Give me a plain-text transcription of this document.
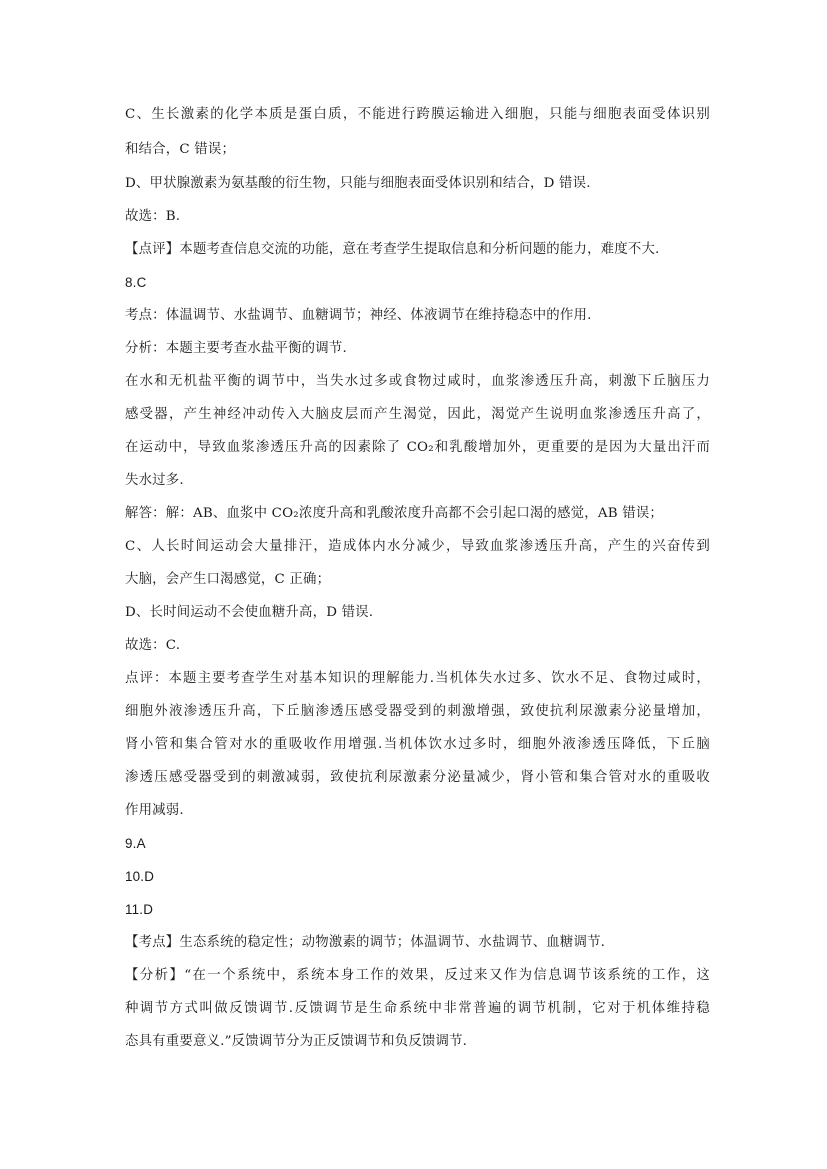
C、生长激素的化学本质是蛋白质，不能进行跨膜运输进入细胞，只能与细胞表面受体识别
和结合，C 错误；
D、甲状腺激素为氨基酸的衍生物，只能与细胞表面受体识别和结合，D 错误.
故选：B.
【点评】本题考查信息交流的功能，意在考查学生提取信息和分析问题的能力，难度不大.
8.C
考点：体温调节、水盐调节、血糖调节；神经、体液调节在维持稳态中的作用.
分析：本题主要考查水盐平衡的调节.
在水和无机盐平衡的调节中，当失水过多或食物过咸时，血浆渗透压升高，刺激下丘脑压力
感受器，产生神经冲动传入大脑皮层而产生渴觉，因此，渴觉产生说明血浆渗透压升高了，
在运动中，导致血浆渗透压升高的因素除了 CO₂和乳酸增加外，更重要的是因为大量出汗而
失水过多.
解答：解：AB、血浆中 CO₂浓度升高和乳酸浓度升高都不会引起口渴的感觉，AB 错误；
C、人长时间运动会大量排汗，造成体内水分减少，导致血浆渗透压升高，产生的兴奋传到
大脑，会产生口渴感觉，C 正确；
D、长时间运动不会使血糖升高，D 错误.
故选：C.
点评：本题主要考查学生对基本知识的理解能力.当机体失水过多、饮水不足、食物过咸时，
细胞外液渗透压升高，下丘脑渗透压感受器受到的刺激增强，致使抗利尿激素分泌量增加，
肾小管和集合管对水的重吸收作用增强.当机体饮水过多时，细胞外液渗透压降低，下丘脑
渗透压感受器受到的刺激减弱，致使抗利尿激素分泌量减少，肾小管和集合管对水的重吸收
作用减弱.
9.A
10.D
11.D
【考点】生态系统的稳定性；动物激素的调节；体温调节、水盐调节、血糖调节.
【分析】“在一个系统中，系统本身工作的效果，反过来又作为信息调节该系统的工作，这
种调节方式叫做反馈调节.反馈调节是生命系统中非常普遍的调节机制，它对于机体维持稳
态具有重要意义.”反馈调节分为正反馈调节和负反馈调节.
